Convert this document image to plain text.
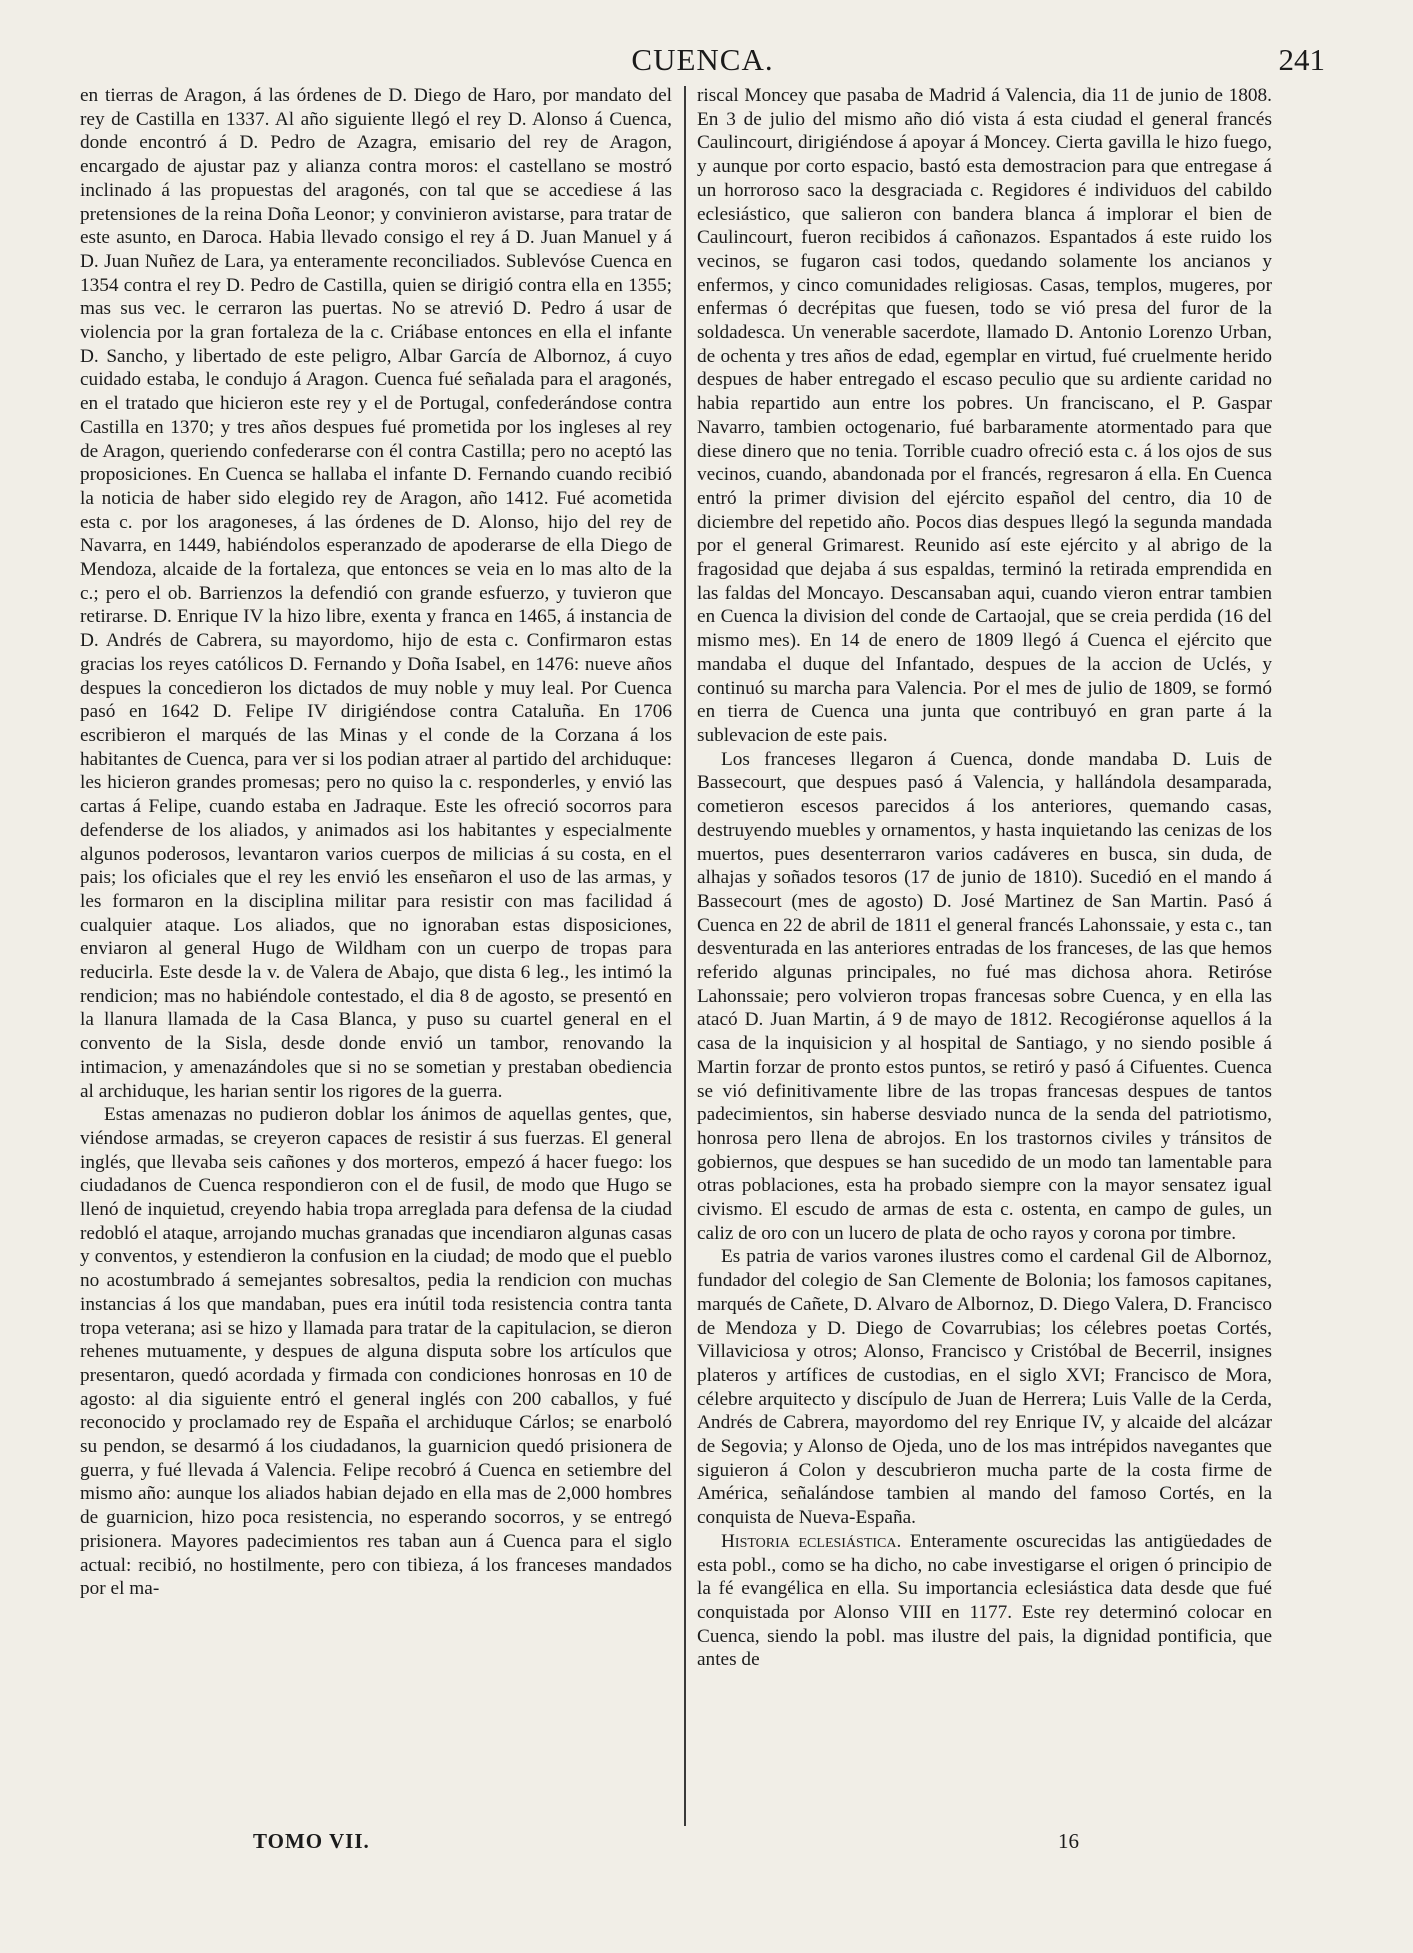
CUENCA.	241

en tierras de Aragon, á las órdenes de D. Diego de Haro, por mandato del rey de Castilla en 1337. Al año siguiente llegó el rey D. Alonso á Cuenca, donde encontró á D. Pedro de Azagra, emisario del rey de Aragon, encargado de ajustar paz y alianza contra moros: el castellano se mostró inclinado á las propuestas del aragonés, con tal que se accediese á las pretensiones de la reina Doña Leonor; y convinieron avistarse, para tratar de este asunto, en Daroca. Habia llevado consigo el rey á D. Juan Manuel y á D. Juan Nuñez de Lara, ya enteramente reconciliados. Sublevóse Cuenca en 1354 contra el rey D. Pedro de Castilla, quien se dirigió contra ella en 1355; mas sus vec. le cerraron las puertas. No se atrevió D. Pedro á usar de violencia por la gran fortaleza de la c. Criábase entonces en ella el infante D. Sancho, y libertado de este peligro, Albar García de Albornoz, á cuyo cuidado estaba, le condujo á Aragon. Cuenca fué señalada para el aragonés, en el tratado que hicieron este rey y el de Portugal, confederándose contra Castilla en 1370; y tres años despues fué prometida por los ingleses al rey de Aragon, queriendo confederarse con él contra Castilla; pero no aceptó las proposiciones. En Cuenca se hallaba el infante D. Fernando cuando recibió la noticia de haber sido elegido rey de Aragon, año 1412. Fué acometida esta c. por los aragoneses, á las órdenes de D. Alonso, hijo del rey de Navarra, en 1449, habiéndolos esperanzado de apoderarse de ella Diego de Mendoza, alcaide de la fortaleza, que entonces se veia en lo mas alto de la c.; pero el ob. Barrienzos la defendió con grande esfuerzo, y tuvieron que retirarse. D. Enrique IV la hizo libre, exenta y franca en 1465, á instancia de D. Andrés de Cabrera, su mayordomo, hijo de esta c. Confirmaron estas gracias los reyes católicos D. Fernando y Doña Isabel, en 1476: nueve años despues la concedieron los dictados de muy noble y muy leal. Por Cuenca pasó en 1642 D. Felipe IV dirigiéndose contra Cataluña. En 1706 escribieron el marqués de las Minas y el conde de la Corzana á los habitantes de Cuenca, para ver si los podian atraer al partido del archiduque: les hicieron grandes promesas; pero no quiso la c. responderles, y envió las cartas á Felipe, cuando estaba en Jadraque. Este les ofreció socorros para defenderse de los aliados, y animados asi los habitantes y especialmente algunos poderosos, levantaron varios cuerpos de milicias á su costa, en el pais; los oficiales que el rey les envió les enseñaron el uso de las armas, y les formaron en la disciplina militar para resistir con mas facilidad á cualquier ataque. Los aliados, que no ignoraban estas disposiciones, enviaron al general Hugo de Wildham con un cuerpo de tropas para reducirla. Este desde la v. de Valera de Abajo, que dista 6 leg., les intimó la rendicion; mas no habiéndole contestado, el dia 8 de agosto, se presentó en la llanura llamada de la Casa Blanca, y puso su cuartel general en el convento de la Sisla, desde donde envió un tambor, renovando la intimacion, y amenazándoles que si no se sometian y prestaban obediencia al archiduque, les harian sentir los rigores de la guerra.

Estas amenazas no pudieron doblar los ánimos de aquellas gentes, que, viéndose armadas, se creyeron capaces de resistir á sus fuerzas. El general inglés, que llevaba seis cañones y dos morteros, empezó á hacer fuego: los ciudadanos de Cuenca respondieron con el de fusil, de modo que Hugo se llenó de inquietud, creyendo habia tropa arreglada para defensa de la ciudad redobló el ataque, arrojando muchas granadas que incendiaron algunas casas y conventos, y estendieron la confusion en la ciudad; de modo que el pueblo no acostumbrado á semejantes sobresaltos, pedia la rendicion con muchas instancias á los que mandaban, pues era inútil toda resistencia contra tanta tropa veterana; asi se hizo y llamada para tratar de la capitulacion, se dieron rehenes mutuamente, y despues de alguna disputa sobre los artículos que presentaron, quedó acordada y firmada con condiciones honrosas en 10 de agosto: al dia siguiente entró el general inglés con 200 caballos, y fué reconocido y proclamado rey de España el archiduque Cárlos; se enarboló su pendon, se desarmó á los ciudadanos, la guarnicion quedó prisionera de guerra, y fué llevada á Valencia. Felipe recobró á Cuenca en setiembre del mismo año: aunque los aliados habian dejado en ella mas de 2,000 hombres de guarnicion, hizo poca resistencia, no esperando socorros, y se entregó prisionera. Mayores padecimientos res taban aun á Cuenca para el siglo actual: recibió, no hostilmente, pero con tibieza, á los franceses mandados por el ma-

riscal Moncey que pasaba de Madrid á Valencia, dia 11 de junio de 1808. En 3 de julio del mismo año dió vista á esta ciudad el general francés Caulincourt, dirigiéndose á apoyar á Moncey. Cierta gavilla le hizo fuego, y aunque por corto espacio, bastó esta demostracion para que entregase á un horroroso saco la desgraciada c. Regidores é individuos del cabildo eclesiástico, que salieron con bandera blanca á implorar el bien de Caulincourt, fueron recibidos á cañonazos. Espantados á este ruido los vecinos, se fugaron casi todos, quedando solamente los ancianos y enfermos, y cinco comunidades religiosas. Casas, templos, mugeres, por enfermas ó decrépitas que fuesen, todo se vió presa del furor de la soldadesca. Un venerable sacerdote, llamado D. Antonio Lorenzo Urban, de ochenta y tres años de edad, egemplar en virtud, fué cruelmente herido despues de haber entregado el escaso peculio que su ardiente caridad no habia repartido aun entre los pobres. Un franciscano, el P. Gaspar Navarro, tambien octogenario, fué barbaramente atormentado para que diese dinero que no tenia. Torrible cuadro ofreció esta c. á los ojos de sus vecinos, cuando, abandonada por el francés, regresaron á ella. En Cuenca entró la primer division del ejército español del centro, dia 10 de diciembre del repetido año. Pocos dias despues llegó la segunda mandada por el general Grimarest. Reunido así este ejército y al abrigo de la fragosidad que dejaba á sus espaldas, terminó la retirada emprendida en las faldas del Moncayo. Descansaban aqui, cuando vieron entrar tambien en Cuenca la division del conde de Cartaojal, que se creia perdida (16 del mismo mes). En 14 de enero de 1809 llegó á Cuenca el ejército que mandaba el duque del Infantado, despues de la accion de Uclés, y continuó su marcha para Valencia. Por el mes de julio de 1809, se formó en tierra de Cuenca una junta que contribuyó en gran parte á la sublevacion de este pais.

Los franceses llegaron á Cuenca, donde mandaba D. Luis de Bassecourt, que despues pasó á Valencia, y hallándola desamparada, cometieron escesos parecidos á los anteriores, quemando casas, destruyendo muebles y ornamentos, y hasta inquietando las cenizas de los muertos, pues desenterraron varios cadáveres en busca, sin duda, de alhajas y soñados tesoros (17 de junio de 1810). Sucedió en el mando á Bassecourt (mes de agosto) D. José Martinez de San Martin. Pasó á Cuenca en 22 de abril de 1811 el general francés Lahonssaie, y esta c., tan desventurada en las anteriores entradas de los franceses, de las que hemos referido algunas principales, no fué mas dichosa ahora. Retiróse Lahonssaie; pero volvieron tropas francesas sobre Cuenca, y en ella las atacó D. Juan Martin, á 9 de mayo de 1812. Recogiéronse aquellos á la casa de la inquisicion y al hospital de Santiago, y no siendo posible á Martin forzar de pronto estos puntos, se retiró y pasó á Cifuentes. Cuenca se vió definitivamente libre de las tropas francesas despues de tantos padecimientos, sin haberse desviado nunca de la senda del patriotismo, honrosa pero llena de abrojos. En los trastornos civiles y tránsitos de gobiernos, que despues se han sucedido de un modo tan lamentable para otras poblaciones, esta ha probado siempre con la mayor sensatez igual civismo. El escudo de armas de esta c. ostenta, en campo de gules, un caliz de oro con un lucero de plata de ocho rayos y corona por timbre.

Es patria de varios varones ilustres como el cardenal Gil de Albornoz, fundador del colegio de San Clemente de Bolonia; los famosos capitanes, marqués de Cañete, D. Alvaro de Albornoz, D. Diego Valera, D. Francisco de Mendoza y D. Diego de Covarrubias; los célebres poetas Cortés, Villaviciosa y otros; Alonso, Francisco y Cristóbal de Becerril, insignes plateros y artífices de custodias, en el siglo XVI; Francisco de Mora, célebre arquitecto y discípulo de Juan de Herrera; Luis Valle de la Cerda, Andrés de Cabrera, mayordomo del rey Enrique IV, y alcaide del alcázar de Segovia; y Alonso de Ojeda, uno de los mas intrépidos navegantes que siguieron á Colon y descubrieron mucha parte de la costa firme de América, señalándose tambien al mando del famoso Cortés, en la conquista de Nueva-España.

Historia eclesiástica. Enteramente oscurecidas las antigüedades de esta pobl., como se ha dicho, no cabe investigarse el origen ó principio de la fé evangélica en ella. Su importancia eclesiástica data desde que fué conquistada por Alonso VIII en 1177. Este rey determinó colocar en Cuenca, siendo la pobl. mas ilustre del pais, la dignidad pontificia, que antes de

TOMO VII.	16
